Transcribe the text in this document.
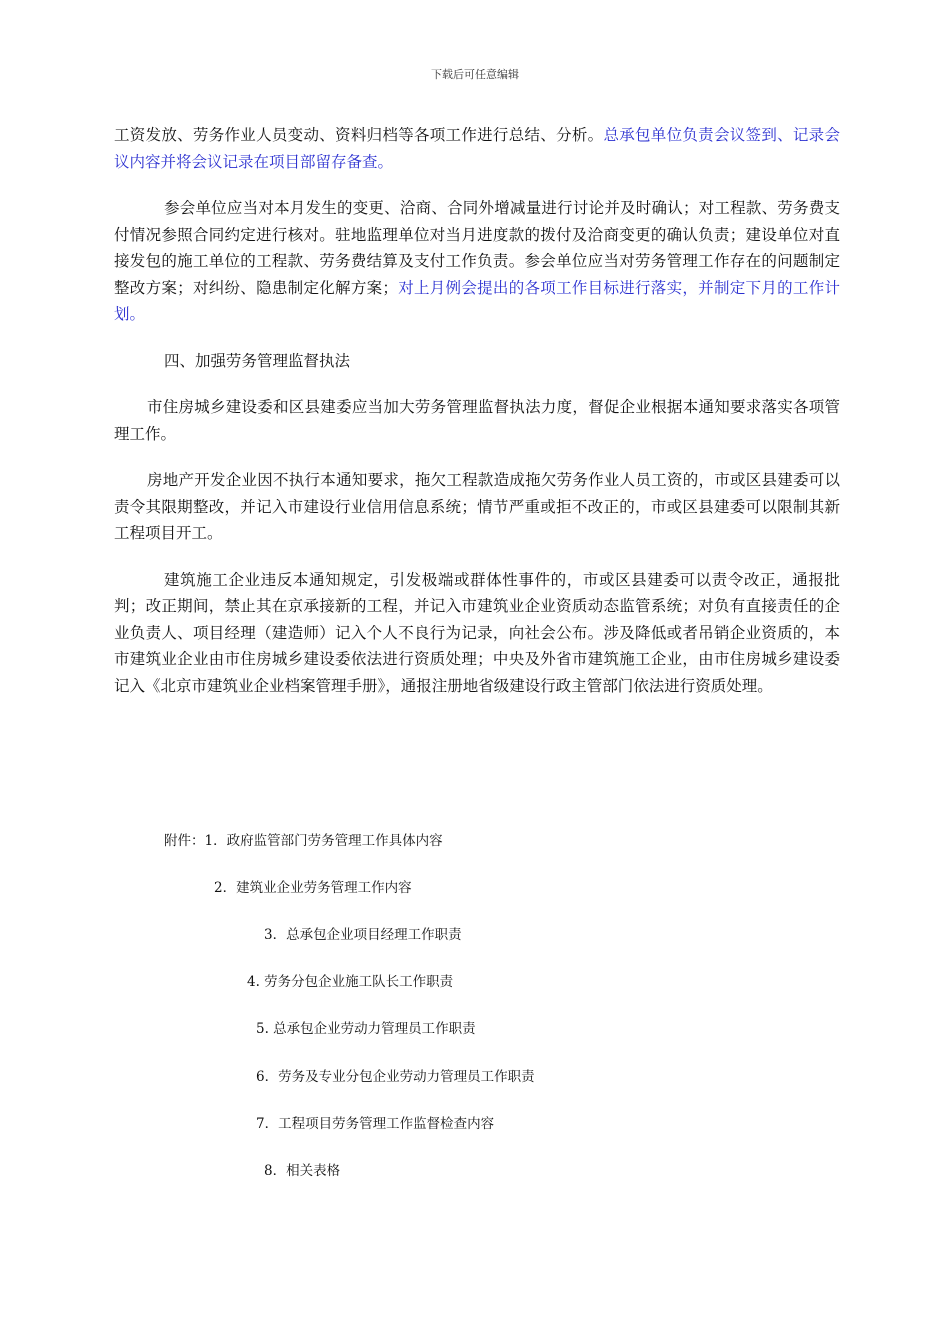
下载后可任意编辑

工资发放、劳务作业人员变动、资料归档等各项工作进行总结、分析。总承包单位负责会议签到、记录会议内容并将会议记录在项目部留存备查。

参会单位应当对本月发生的变更、洽商、合同外增减量进行讨论并及时确认；对工程款、劳务费支付情况参照合同约定进行核对。驻地监理单位对当月进度款的拨付及洽商变更的确认负责；建设单位对直接发包的施工单位的工程款、劳务费结算及支付工作负责。参会单位应当对劳务管理工作存在的问题制定整改方案；对纠纷、隐患制定化解方案；对上月例会提出的各项工作目标进行落实，并制定下月的工作计划。

四、加强劳务管理监督执法

市住房城乡建设委和区县建委应当加大劳务管理监督执法力度，督促企业根据本通知要求落实各项管理工作。

房地产开发企业因不执行本通知要求，拖欠工程款造成拖欠劳务作业人员工资的，市或区县建委可以责令其限期整改，并记入市建设行业信用信息系统；情节严重或拒不改正的，市或区县建委可以限制其新工程项目开工。

建筑施工企业违反本通知规定，引发极端或群体性事件的，市或区县建委可以责令改正，通报批判；改正期间，禁止其在京承接新的工程，并记入市建筑业企业资质动态监管系统；对负有直接责任的企业负责人、项目经理（建造师）记入个人不良行为记录，向社会公布。涉及降低或者吊销企业资质的，本市建筑业企业由市住房城乡建设委依法进行资质处理；中央及外省市建筑施工企业，由市住房城乡建设委记入《北京市建筑业企业档案管理手册》，通报注册地省级建设行政主管部门依法进行资质处理。

附件：1．政府监管部门劳务管理工作具体内容
2．建筑业企业劳务管理工作内容
3．总承包企业项目经理工作职责
4. 劳务分包企业施工队长工作职责
5. 总承包企业劳动力管理员工作职责
6．劳务及专业分包企业劳动力管理员工作职责
7．工程项目劳务管理工作监督检查内容
8．相关表格
